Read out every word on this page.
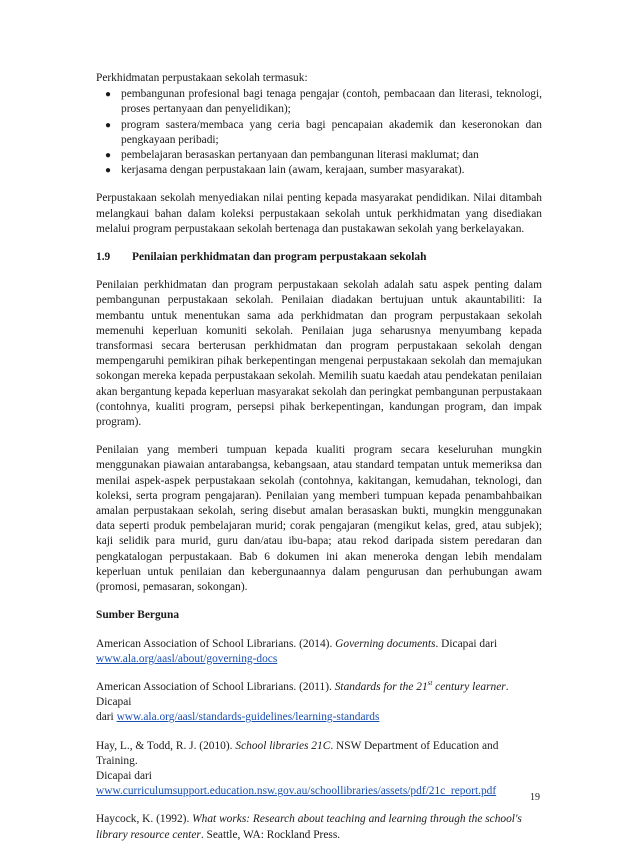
Perkhidmatan perpustakaan sekolah termasuk:

● pembangunan profesional bagi tenaga pengajar (contoh, pembacaan dan literasi, teknologi, proses pertanyaan dan penyelidikan);
● program sastera/membaca yang ceria bagi pencapaian akademik dan keseronokan dan pengkayaan peribadi;
● pembelajaran berasaskan pertanyaan dan pembangunan literasi maklumat; dan
● kerjasama dengan perpustakaan lain (awam, kerajaan, sumber masyarakat).

Perpustakaan sekolah menyediakan nilai penting kepada masyarakat pendidikan. Nilai ditambah melangkaui bahan dalam koleksi perpustakaan sekolah untuk perkhidmatan yang disediakan melalui program perpustakaan sekolah bertenaga dan pustakawan sekolah yang berkelayakan.

1.9	Penilaian perkhidmatan dan program perpustakaan sekolah

Penilaian perkhidmatan dan program perpustakaan sekolah adalah satu aspek penting dalam pembangunan perpustakaan sekolah. Penilaian diadakan bertujuan untuk akauntabiliti: Ia membantu untuk menentukan sama ada perkhidmatan dan program perpustakaan sekolah memenuhi keperluan komuniti sekolah. Penilaian juga seharusnya menyumbang kepada transformasi secara berterusan perkhidmatan dan program perpustakaan sekolah dengan mempengaruhi pemikiran pihak berkepentingan mengenai perpustakaan sekolah dan memajukan sokongan mereka kepada perpustakaan sekolah. Memilih suatu kaedah atau pendekatan penilaian akan bergantung kepada keperluan masyarakat sekolah dan peringkat pembangunan perpustakaan (contohnya, kualiti program, persepsi pihak berkepentingan, kandungan program, dan impak program).

Penilaian yang memberi tumpuan kepada kualiti program secara keseluruhan mungkin menggunakan piawaian antarabangsa, kebangsaan, atau standard tempatan untuk memeriksa dan menilai aspek-aspek perpustakaan sekolah (contohnya, kakitangan, kemudahan, teknologi, dan koleksi, serta program pengajaran). Penilaian yang memberi tumpuan kepada penambahbaikan amalan perpustakaan sekolah, sering disebut amalan berasaskan bukti, mungkin menggunakan data seperti produk pembelajaran murid; corak pengajaran (mengikut kelas, gred, atau subjek); kaji selidik para murid, guru dan/atau ibu-bapa; atau rekod daripada sistem peredaran dan pengkatalogan perpustakaan. Bab 6 dokumen ini akan meneroka dengan lebih mendalam keperluan untuk penilaian dan kebergunaannya dalam pengurusan dan perhubungan awam (promosi, pemasaran, sokongan).

Sumber Berguna

American Association of School Librarians. (2014). Governing documents. Dicapai dari
www.ala.org/aasl/about/governing-docs

American Association of School Librarians. (2011). Standards for the 21st century learner. Dicapai
dari www.ala.org/aasl/standards-guidelines/learning-standards

Hay, L., & Todd, R. J. (2010). School libraries 21C. NSW Department of Education and Training.
Dicapai dari
www.curriculumsupport.education.nsw.gov.au/schoollibraries/assets/pdf/21c_report.pdf

Haycock, K. (1992). What works: Research about teaching and learning through the school's library resource center. Seattle, WA: Rockland Press.

19
